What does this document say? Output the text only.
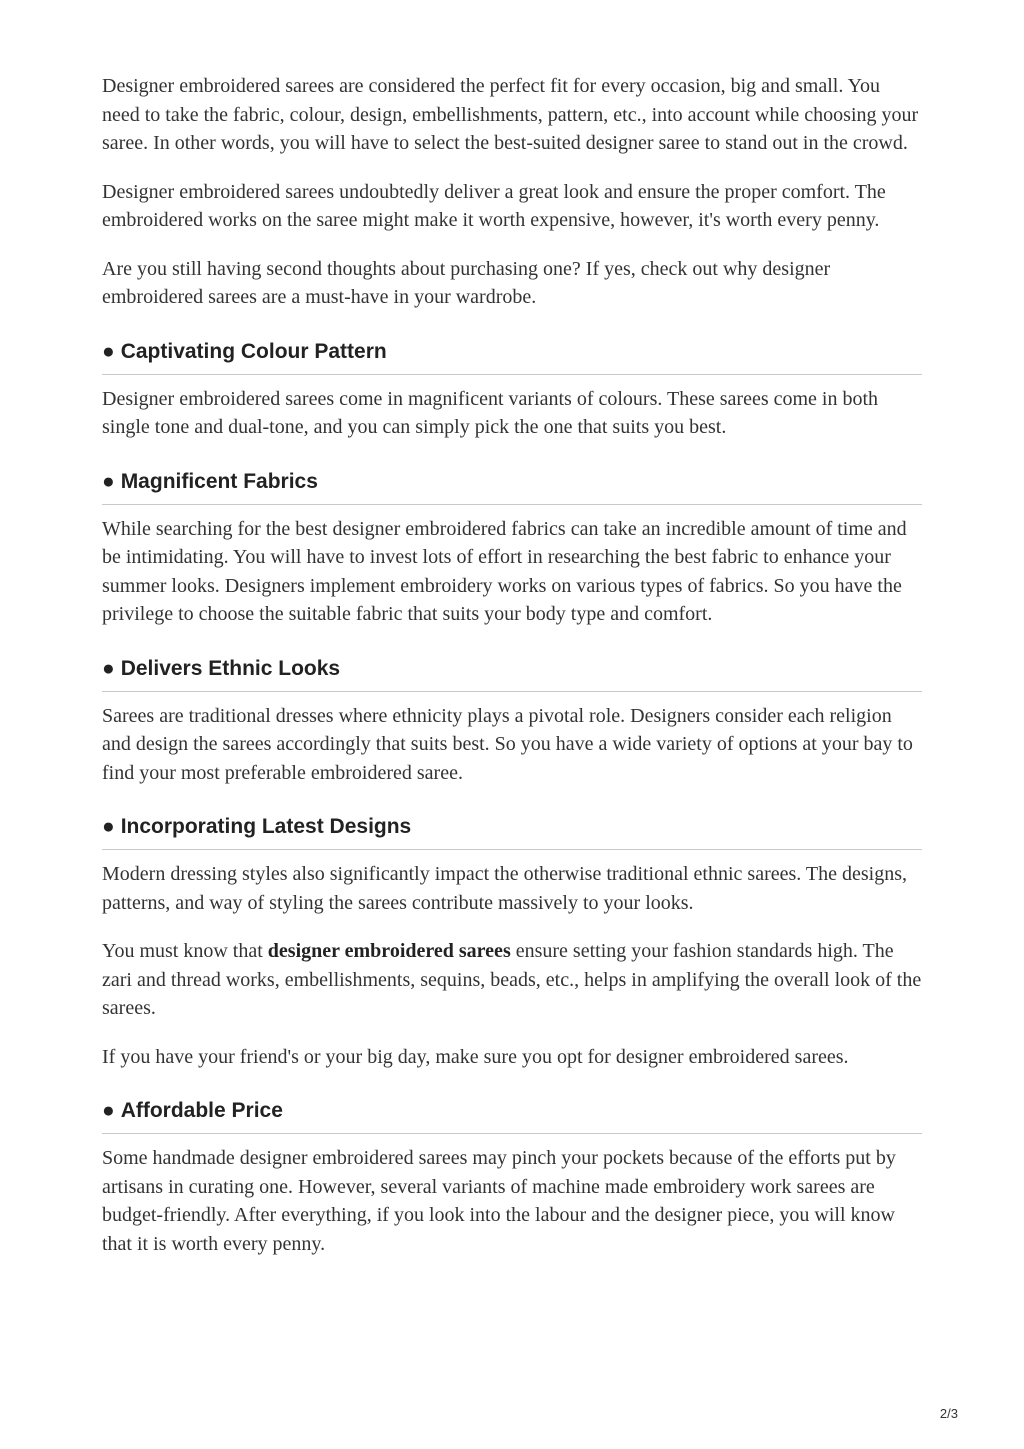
Designer embroidered sarees are considered the perfect fit for every occasion, big and small. You need to take the fabric, colour, design, embellishments, pattern, etc., into account while choosing your saree. In other words, you will have to select the best-suited designer saree to stand out in the crowd.

Designer embroidered sarees undoubtedly deliver a great look and ensure the proper comfort. The embroidered works on the saree might make it worth expensive, however, it's worth every penny.

Are you still having second thoughts about purchasing one? If yes, check out why designer embroidered sarees are a must-have in your wardrobe.

● Captivating Colour Pattern

Designer embroidered sarees come in magnificent variants of colours. These sarees come in both single tone and dual-tone, and you can simply pick the one that suits you best.

● Magnificent Fabrics

While searching for the best designer embroidered fabrics can take an incredible amount of time and be intimidating. You will have to invest lots of effort in researching the best fabric to enhance your summer looks. Designers implement embroidery works on various types of fabrics. So you have the privilege to choose the suitable fabric that suits your body type and comfort.

● Delivers Ethnic Looks

Sarees are traditional dresses where ethnicity plays a pivotal role. Designers consider each religion and design the sarees accordingly that suits best. So you have a wide variety of options at your bay to find your most preferable embroidered saree.

● Incorporating Latest Designs

Modern dressing styles also significantly impact the otherwise traditional ethnic sarees. The designs, patterns, and way of styling the sarees contribute massively to your looks.

You must know that designer embroidered sarees ensure setting your fashion standards high. The zari and thread works, embellishments, sequins, beads, etc., helps in amplifying the overall look of the sarees.

If you have your friend's or your big day, make sure you opt for designer embroidered sarees.

● Affordable Price

Some handmade designer embroidered sarees may pinch your pockets because of the efforts put by artisans in curating one. However, several variants of machine made embroidery work sarees are budget-friendly. After everything, if you look into the labour and the designer piece, you will know that it is worth every penny.

2/3
